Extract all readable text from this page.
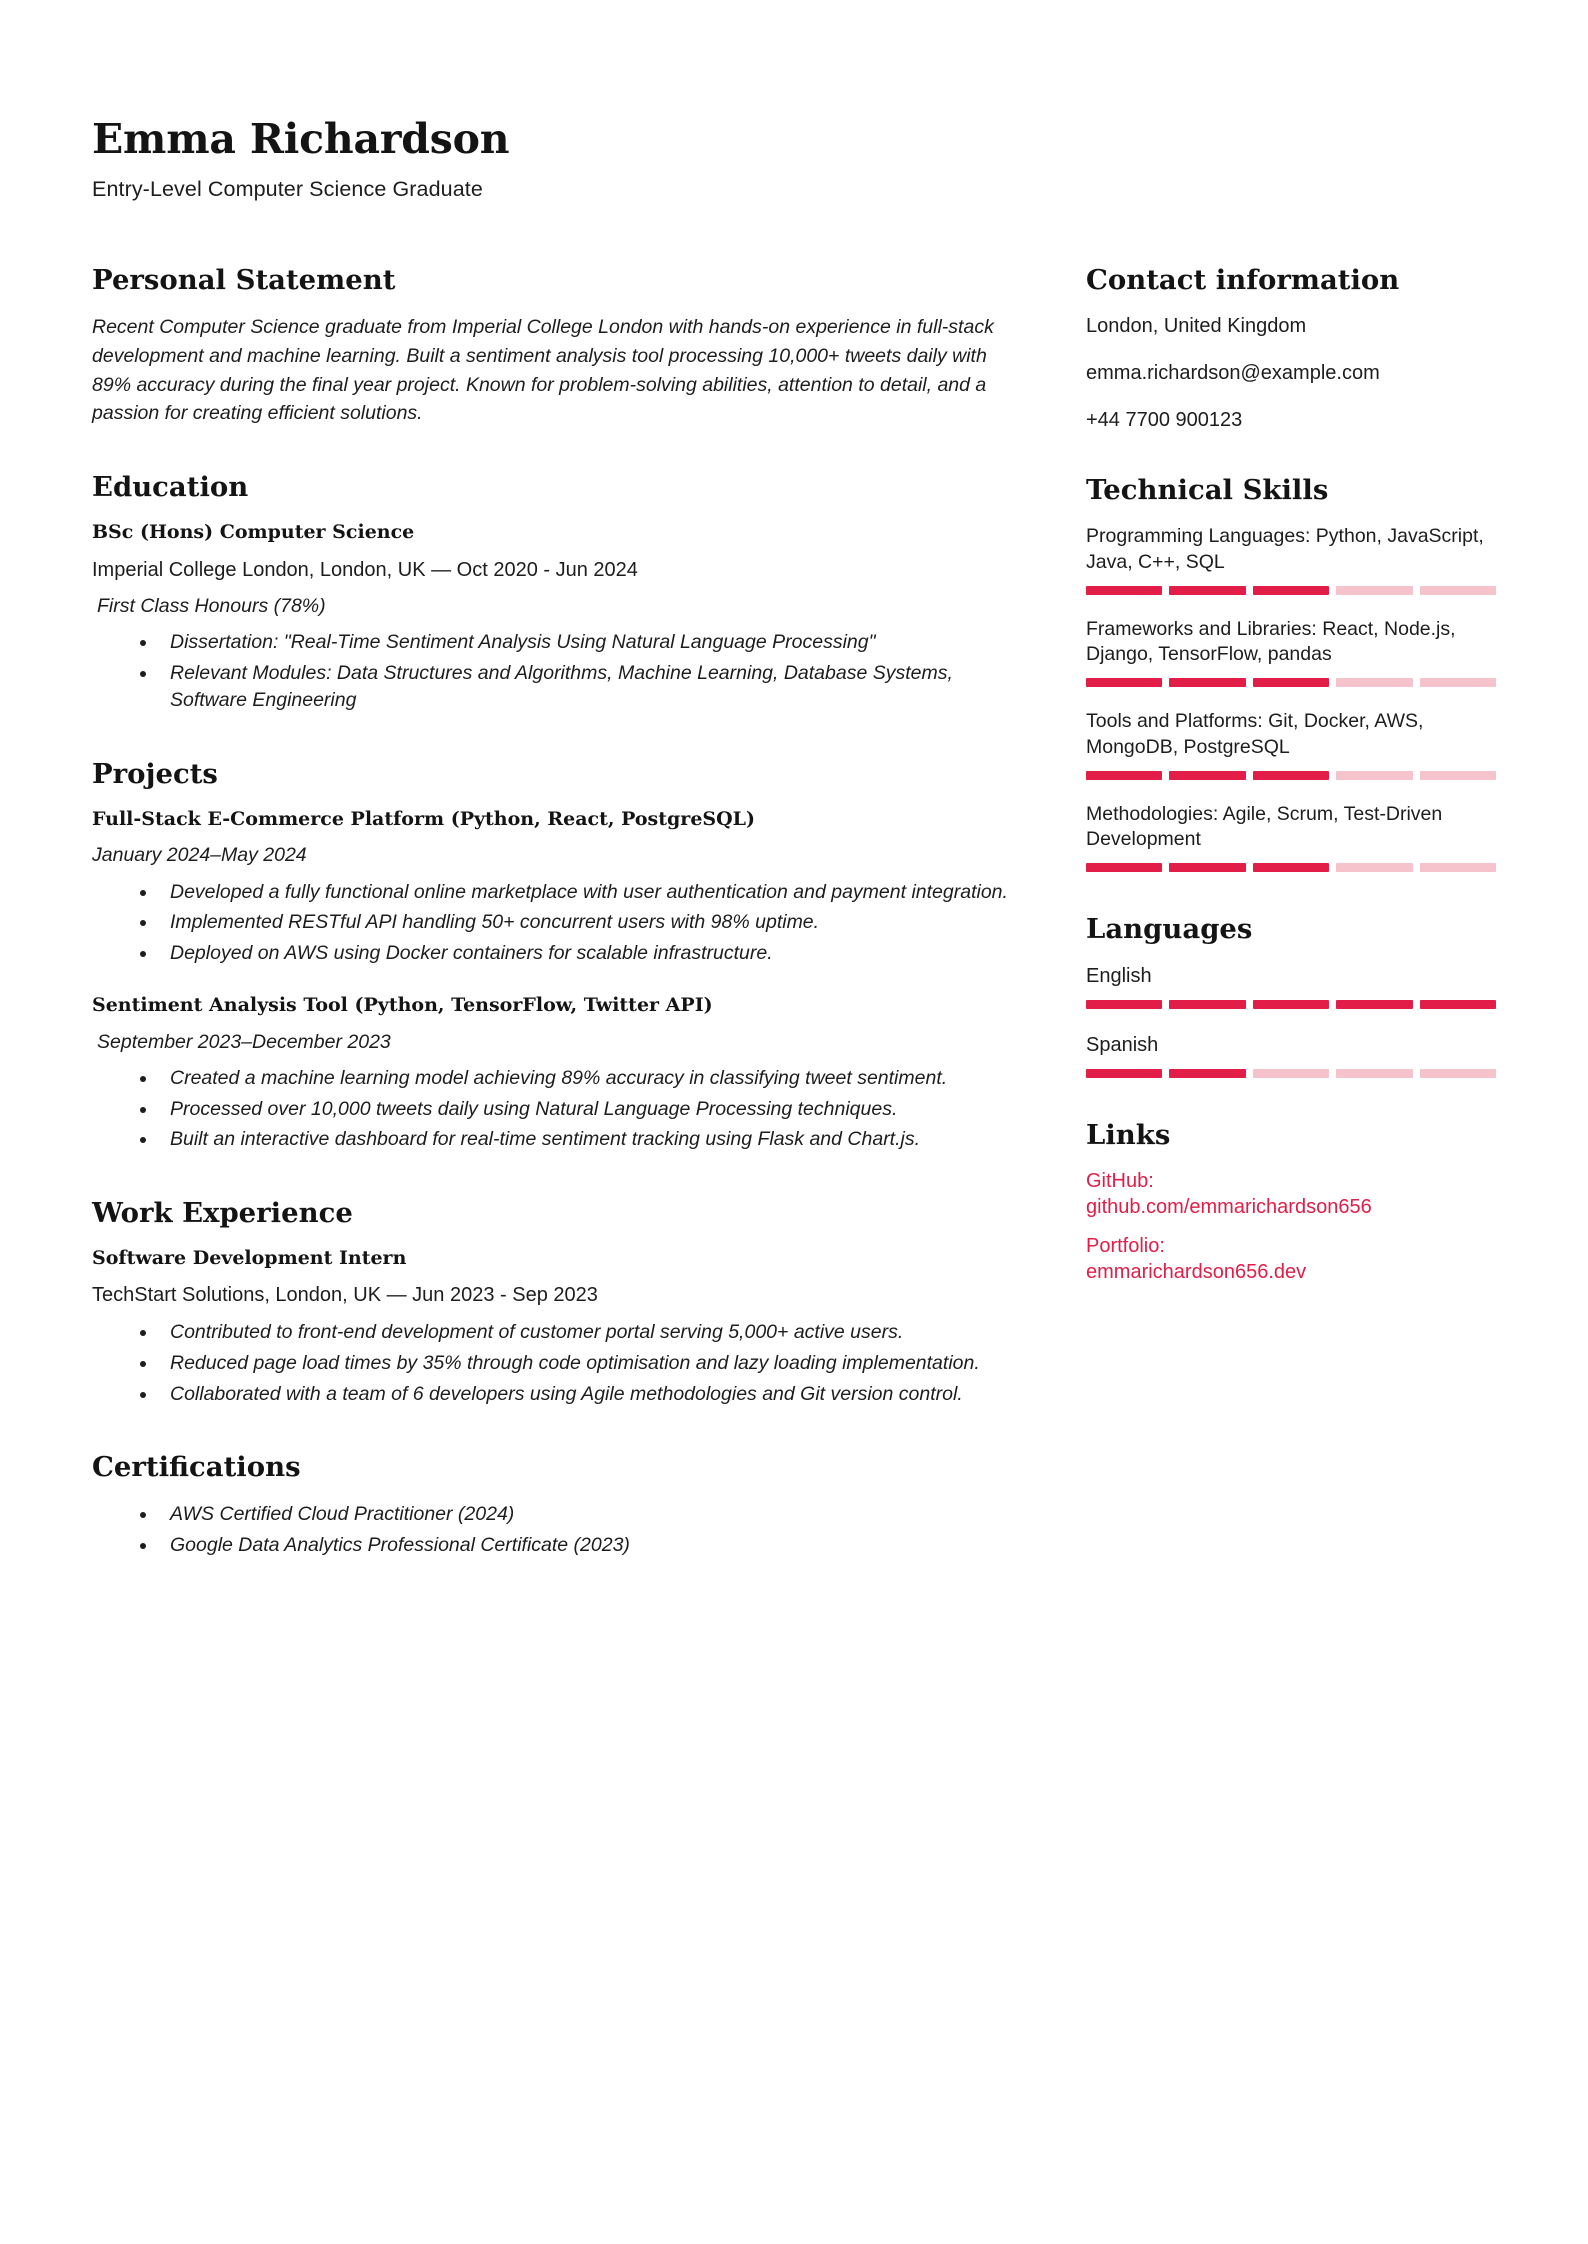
Emma Richardson
Entry-Level Computer Science Graduate
Personal Statement

Recent Computer Science graduate from Imperial College London with hands-on experience in full-stack development and machine learning. Built a sentiment analysis tool processing 10,000+ tweets daily with 89% accuracy during the final year project. Known for problem-solving abilities, attention to detail, and a passion for creating efficient solutions.

Education
BSc (Hons) Computer Science
Imperial College London, London, UK — Oct 2020 - Jun 2024
First Class Honours (78%)
Dissertation: "Real-Time Sentiment Analysis Using Natural Language Processing"
Relevant Modules: Data Structures and Algorithms, Machine Learning, Database Systems, Software Engineering
Projects
Full-Stack E-Commerce Platform (Python, React, PostgreSQL)
January 2024–May 2024
Developed a fully functional online marketplace with user authentication and payment integration.
Implemented RESTful API handling 50+ concurrent users with 98% uptime.
Deployed on AWS using Docker containers for scalable infrastructure.
Sentiment Analysis Tool (Python, TensorFlow, Twitter API)
September 2023–December 2023
Created a machine learning model achieving 89% accuracy in classifying tweet sentiment.
Processed over 10,000 tweets daily using Natural Language Processing techniques.
Built an interactive dashboard for real-time sentiment tracking using Flask and Chart.js.
Work Experience
Software Development Intern
TechStart Solutions, London, UK — Jun 2023 - Sep 2023
Contributed to front-end development of customer portal serving 5,000+ active users.
Reduced page load times by 35% through code optimisation and lazy loading implementation.
Collaborated with a team of 6 developers using Agile methodologies and Git version control.
Certifications
AWS Certified Cloud Practitioner (2024)
Google Data Analytics Professional Certificate (2023)
Contact information
London, United Kingdom
emma.richardson@example.com
+44 7700 900123
Technical Skills
Programming Languages: Python, JavaScript, Java, C++, SQL
Frameworks and Libraries: React, Node.js, Django, TensorFlow, pandas
Tools and Platforms: Git, Docker, AWS, MongoDB, PostgreSQL
Methodologies: Agile, Scrum, Test-Driven Development
Languages
English
Spanish
Links
GitHub:
github.com/emmarichardson656
Portfolio:
emmarichardson656.dev
